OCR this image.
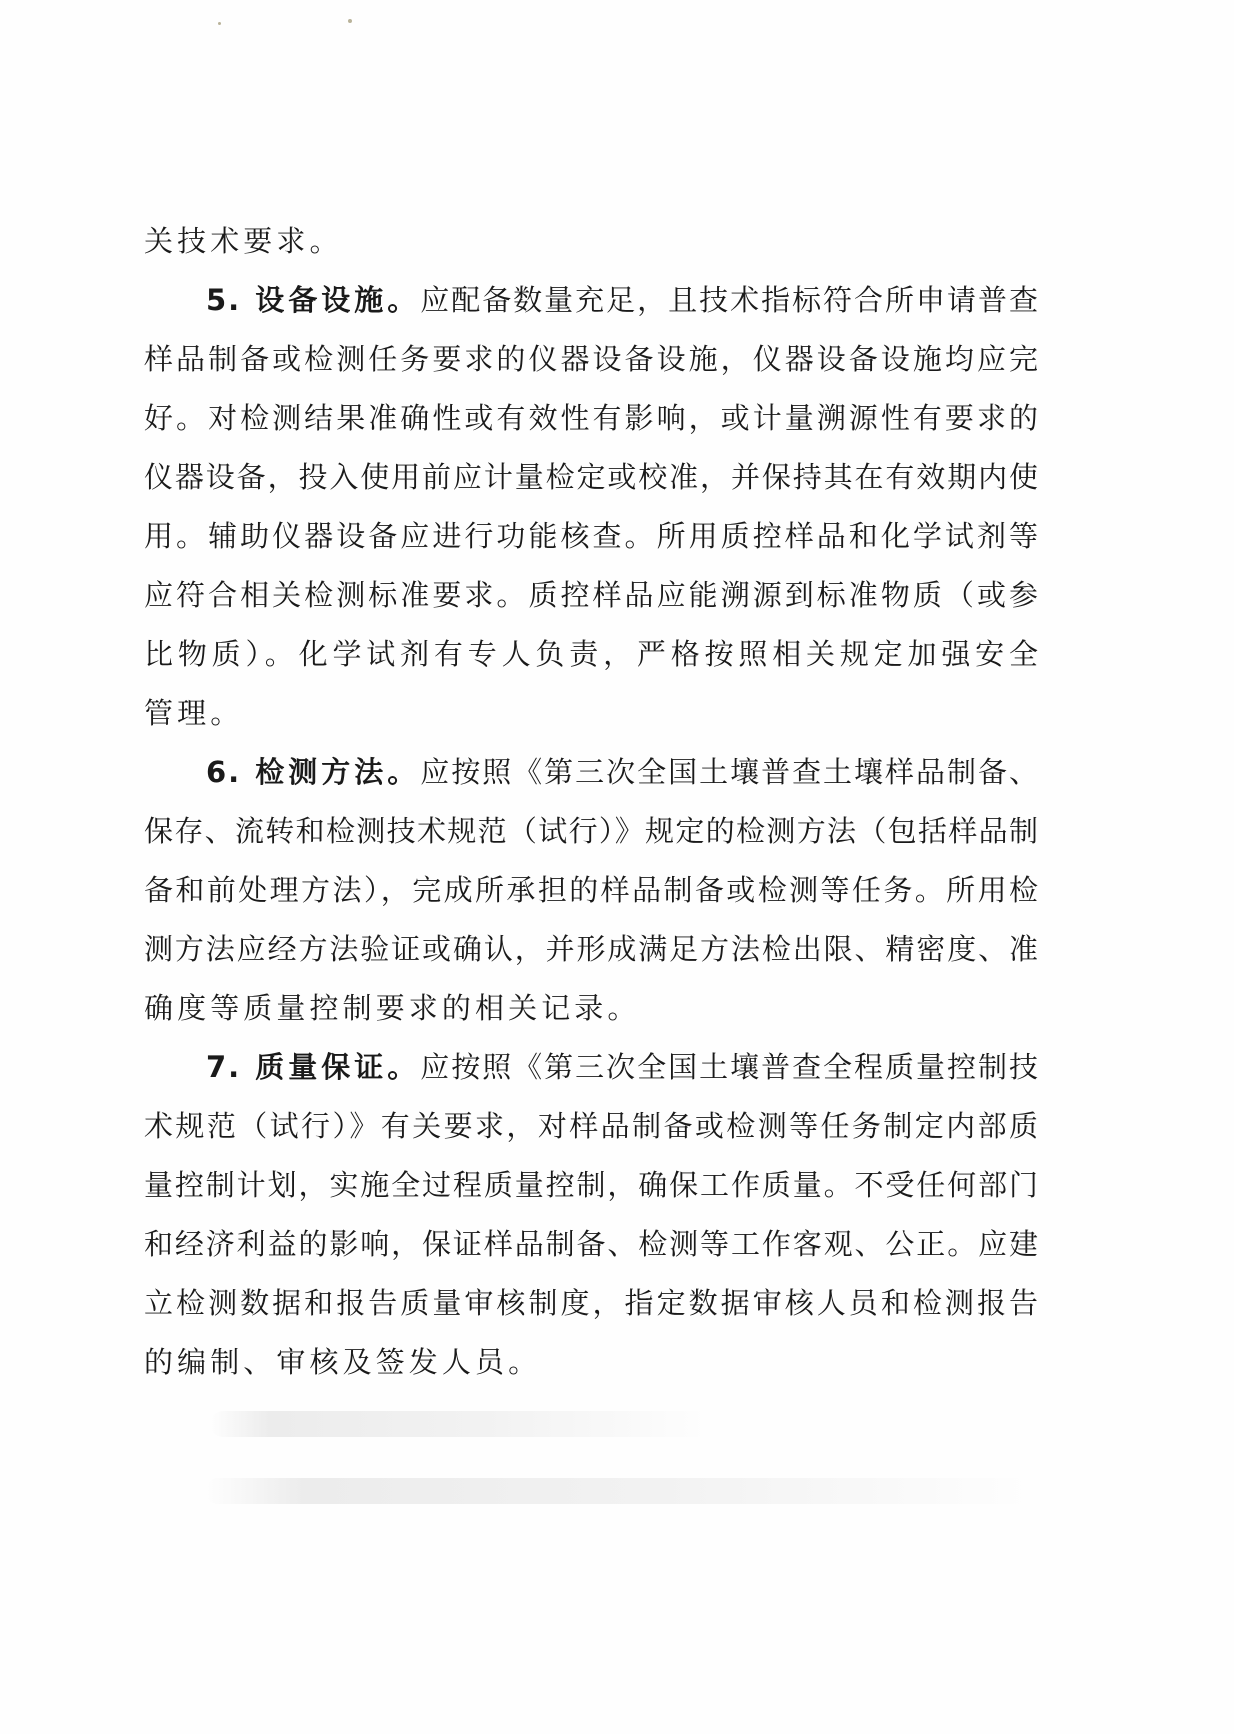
关技术要求。
5. 设备设施。应配备数量充足，且技术指标符合所申请普查
样品制备或检测任务要求的仪器设备设施，仪器设备设施均应完
好。对检测结果准确性或有效性有影响，或计量溯源性有要求的
仪器设备，投入使用前应计量检定或校准，并保持其在有效期内使
用。辅助仪器设备应进行功能核查。所用质控样品和化学试剂等
应符合相关检测标准要求。质控样品应能溯源到标准物质（或参
比物质）。化学试剂有专人负责，严格按照相关规定加强安全
管理。
6. 检测方法。应按照《第三次全国土壤普查土壤样品制备、
保存、流转和检测技术规范（试行）》规定的检测方法（包括样品制
备和前处理方法），完成所承担的样品制备或检测等任务。所用检
测方法应经方法验证或确认，并形成满足方法检出限、精密度、准
确度等质量控制要求的相关记录。
7. 质量保证。应按照《第三次全国土壤普查全程质量控制技
术规范（试行）》有关要求，对样品制备或检测等任务制定内部质
量控制计划，实施全过程质量控制，确保工作质量。不受任何部门
和经济利益的影响，保证样品制备、检测等工作客观、公正。应建
立检测数据和报告质量审核制度，指定数据审核人员和检测报告
的编制、审核及签发人员。
